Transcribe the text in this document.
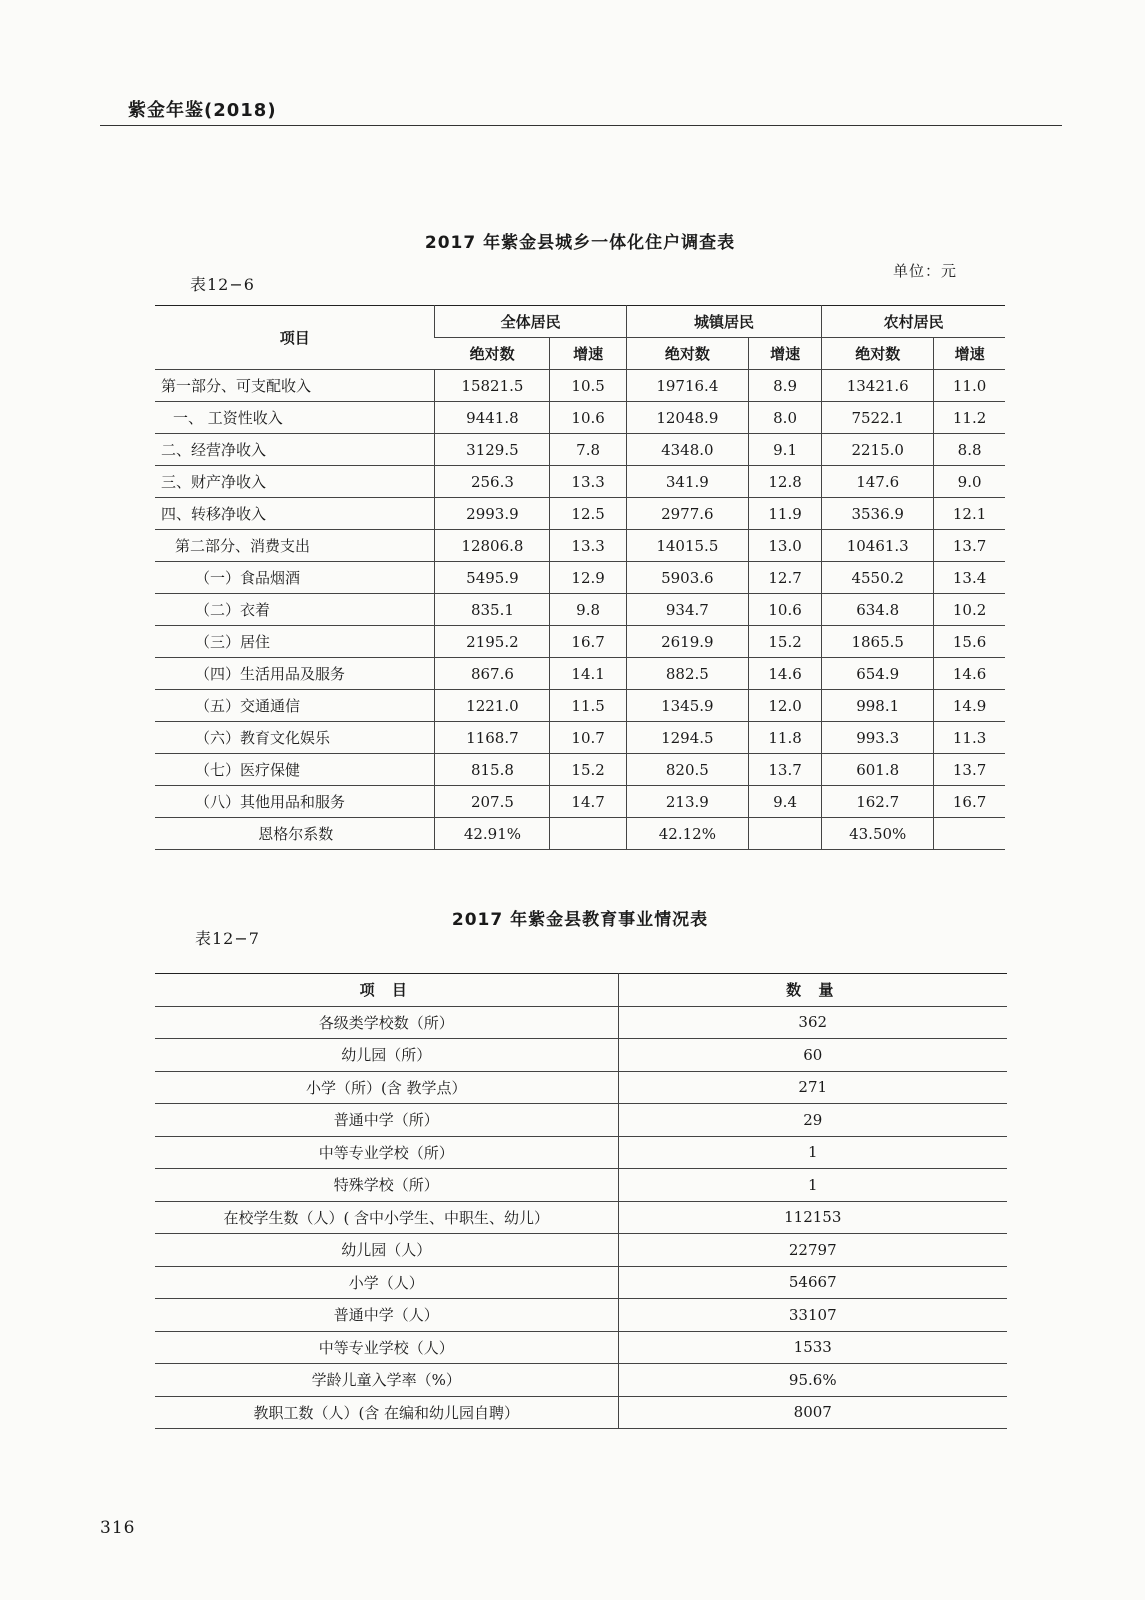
紫金年鉴(2018)
2017 年紫金县城乡一体化住户调查表
表12−6
单位：元
项目	全体居民		城镇居民		农村居民	
	绝对数	增速	绝对数	增速	绝对数	增速
第一部分、可支配收入	15821.5	10.5	19716.4	8.9	13421.6	11.0
一、 工资性收入	9441.8	10.6	12048.9	8.0	7522.1	11.2
二、经营净收入	3129.5	7.8	4348.0	9.1	2215.0	8.8
三、财产净收入	256.3	13.3	341.9	12.8	147.6	9.0
四、转移净收入	2993.9	12.5	2977.6	11.9	3536.9	12.1
第二部分、消费支出	12806.8	13.3	14015.5	13.0	10461.3	13.7
（一）食品烟酒	5495.9	12.9	5903.6	12.7	4550.2	13.4
（二）衣着	835.1	9.8	934.7	10.6	634.8	10.2
（三）居住	2195.2	16.7	2619.9	15.2	1865.5	15.6
（四）生活用品及服务	867.6	14.1	882.5	14.6	654.9	14.6
（五）交通通信	1221.0	11.5	1345.9	12.0	998.1	14.9
（六）教育文化娱乐	1168.7	10.7	1294.5	11.8	993.3	11.3
（七）医疗保健	815.8	15.2	820.5	13.7	601.8	13.7
（八）其他用品和服务	207.5	14.7	213.9	9.4	162.7	16.7
恩格尔系数	42.91%		42.12%		43.50%	
2017 年紫金县教育事业情况表
表12−7
项 目	数 量
各级类学校数（所）	362
幼儿园（所）	60
小学（所）(含 教学点）	271
普通中学（所）	29
中等专业学校（所）	1
特殊学校（所）	1
在校学生数（人）( 含中小学生、中职生、幼儿）	112153
幼儿园（人）	22797
小学（人）	54667
普通中学（人）	33107
中等专业学校（人）	1533
学龄儿童入学率（%）	95.6%
教职工数（人）(含 在编和幼儿园自聘）	8007
316
